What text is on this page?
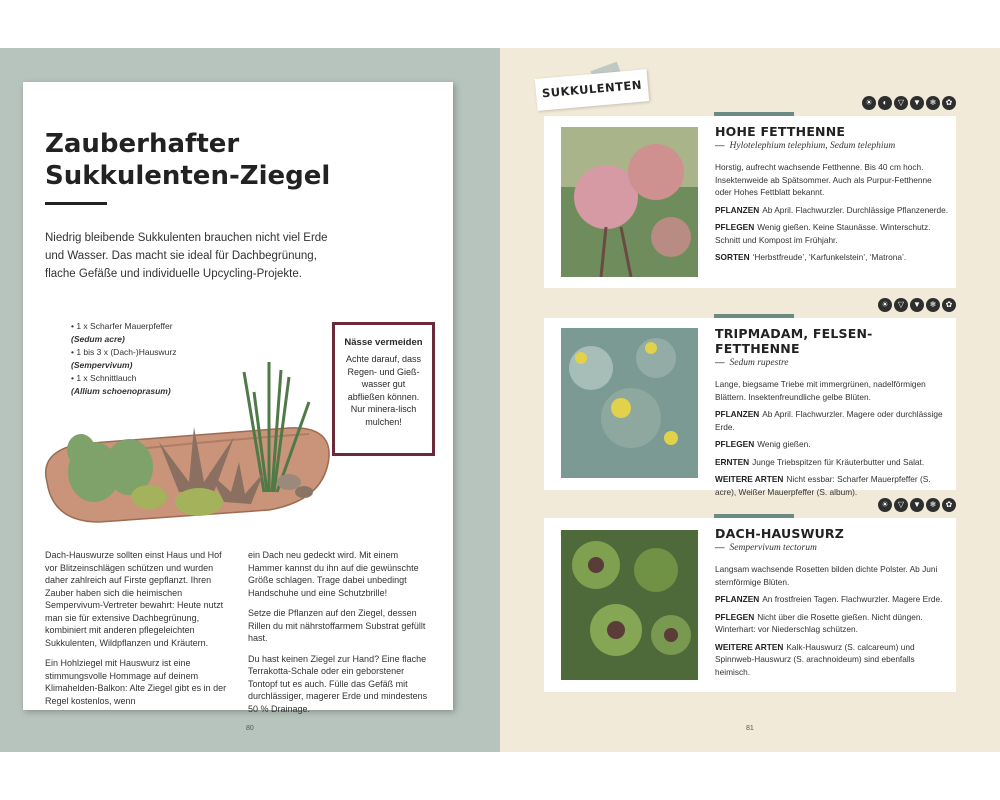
Zauberhafter
Sukkulenten-Ziegel
Niedrig bleibende Sukkulenten brauchen nicht viel Erde und Wasser. Das macht sie ideal für Dachbegrünung, flache Gefäße und individuelle Upcycling-Projekte.
• 1 x Scharfer Mauerpfeffer
(Sedum acre)
• 1 bis 3 x (Dach-)Hauswurz
(Sempervivum)
• 1 x Schnittlauch
(Allium schoenoprasum)
Nässe vermeiden
Achte darauf, dass Regen- und Gieß-wasser gut abfließen können. Nur minera-lisch mulchen!

Dach-Hauswurze sollten einst Haus und Hof vor Blitzeinschlägen schützen und wurden daher zahlreich auf Firste gepflanzt. Ihren Zauber haben sich die heimischen Sempervivum-Vertreter bewahrt: Heute nutzt man sie für extensive Dachbegrünung, kombiniert mit anderen pflegeleichten Sukkulenten, Wildpflanzen und Kräutern.

Ein Hohlziegel mit Hauswurz ist eine stimmungsvolle Hommage auf deinem Klimahelden-Balkon: Alte Ziegel gibt es in der Regel kostenlos, wenn

ein Dach neu gedeckt wird. Mit einem Hammer kannst du ihn auf die gewünschte Größe schlagen. Trage dabei unbedingt Handschuhe und eine Schutzbrille!

Setze die Pflanzen auf den Ziegel, dessen Rillen du mit nährstoffarmem Substrat gefüllt hast.

Du hast keinen Ziegel zur Hand? Eine flache Terrakotta-Schale oder ein geborstener Tontopf tut es auch. Fülle das Gefäß mit durchlässiger, magerer Erde und mindestens 50 % Drainage.

80	81
SUKKULENTEN
☀	◐	▽	▼	❄	✿
HOHE FETTHENNE
— Hylotelephium telephium, Sedum telephium
Horstig, aufrecht wachsende Fetthenne. Bis 40 cm hoch. Insektenweide ab Spätsommer. Auch als Purpur-Fetthenne oder Hohes Fettblatt bekannt.
PFLANZEN Ab April. Flachwurzler. Durchlässige Pflanzenerde.
PFLEGEN Wenig gießen. Keine Staunässe. Winterschutz. Schnitt und Kompost im Frühjahr.
SORTEN ‘Herbstfreude’, ‘Karfunkelstein’, ‘Matrona’.
☀	▽	▼	❄	✿
TRIPMADAM, FELSEN-FETTHENNE
— Sedum rupestre
Lange, biegsame Triebe mit immergrünen, nadelförmigen Blättern. Insektenfreundliche gelbe Blüten.
PFLANZEN Ab April. Flachwurzler. Magere oder durchlässige Erde.
PFLEGEN Wenig gießen.
ERNTEN Junge Triebspitzen für Kräuterbutter und Salat.
WEITERE ARTEN Nicht essbar: Scharfer Mauerpfeffer (S. acre), Weißer Mauerpfeffer (S. album).
☀	▽	▼	❄	✿
DACH-HAUSWURZ
— Sempervivum tectorum
Langsam wachsende Rosetten bilden dichte Polster. Ab Juni sternförmige Blüten.
PFLANZEN An frostfreien Tagen. Flachwurzler. Magere Erde.
PFLEGEN Nicht über die Rosette gießen. Nicht düngen. Winterhart: vor Niederschlag schützen.
WEITERE ARTEN Kalk-Hauswurz (S. calcareum) und Spinnweb-Hauswurz (S. arachnoideum) sind ebenfalls heimisch.
